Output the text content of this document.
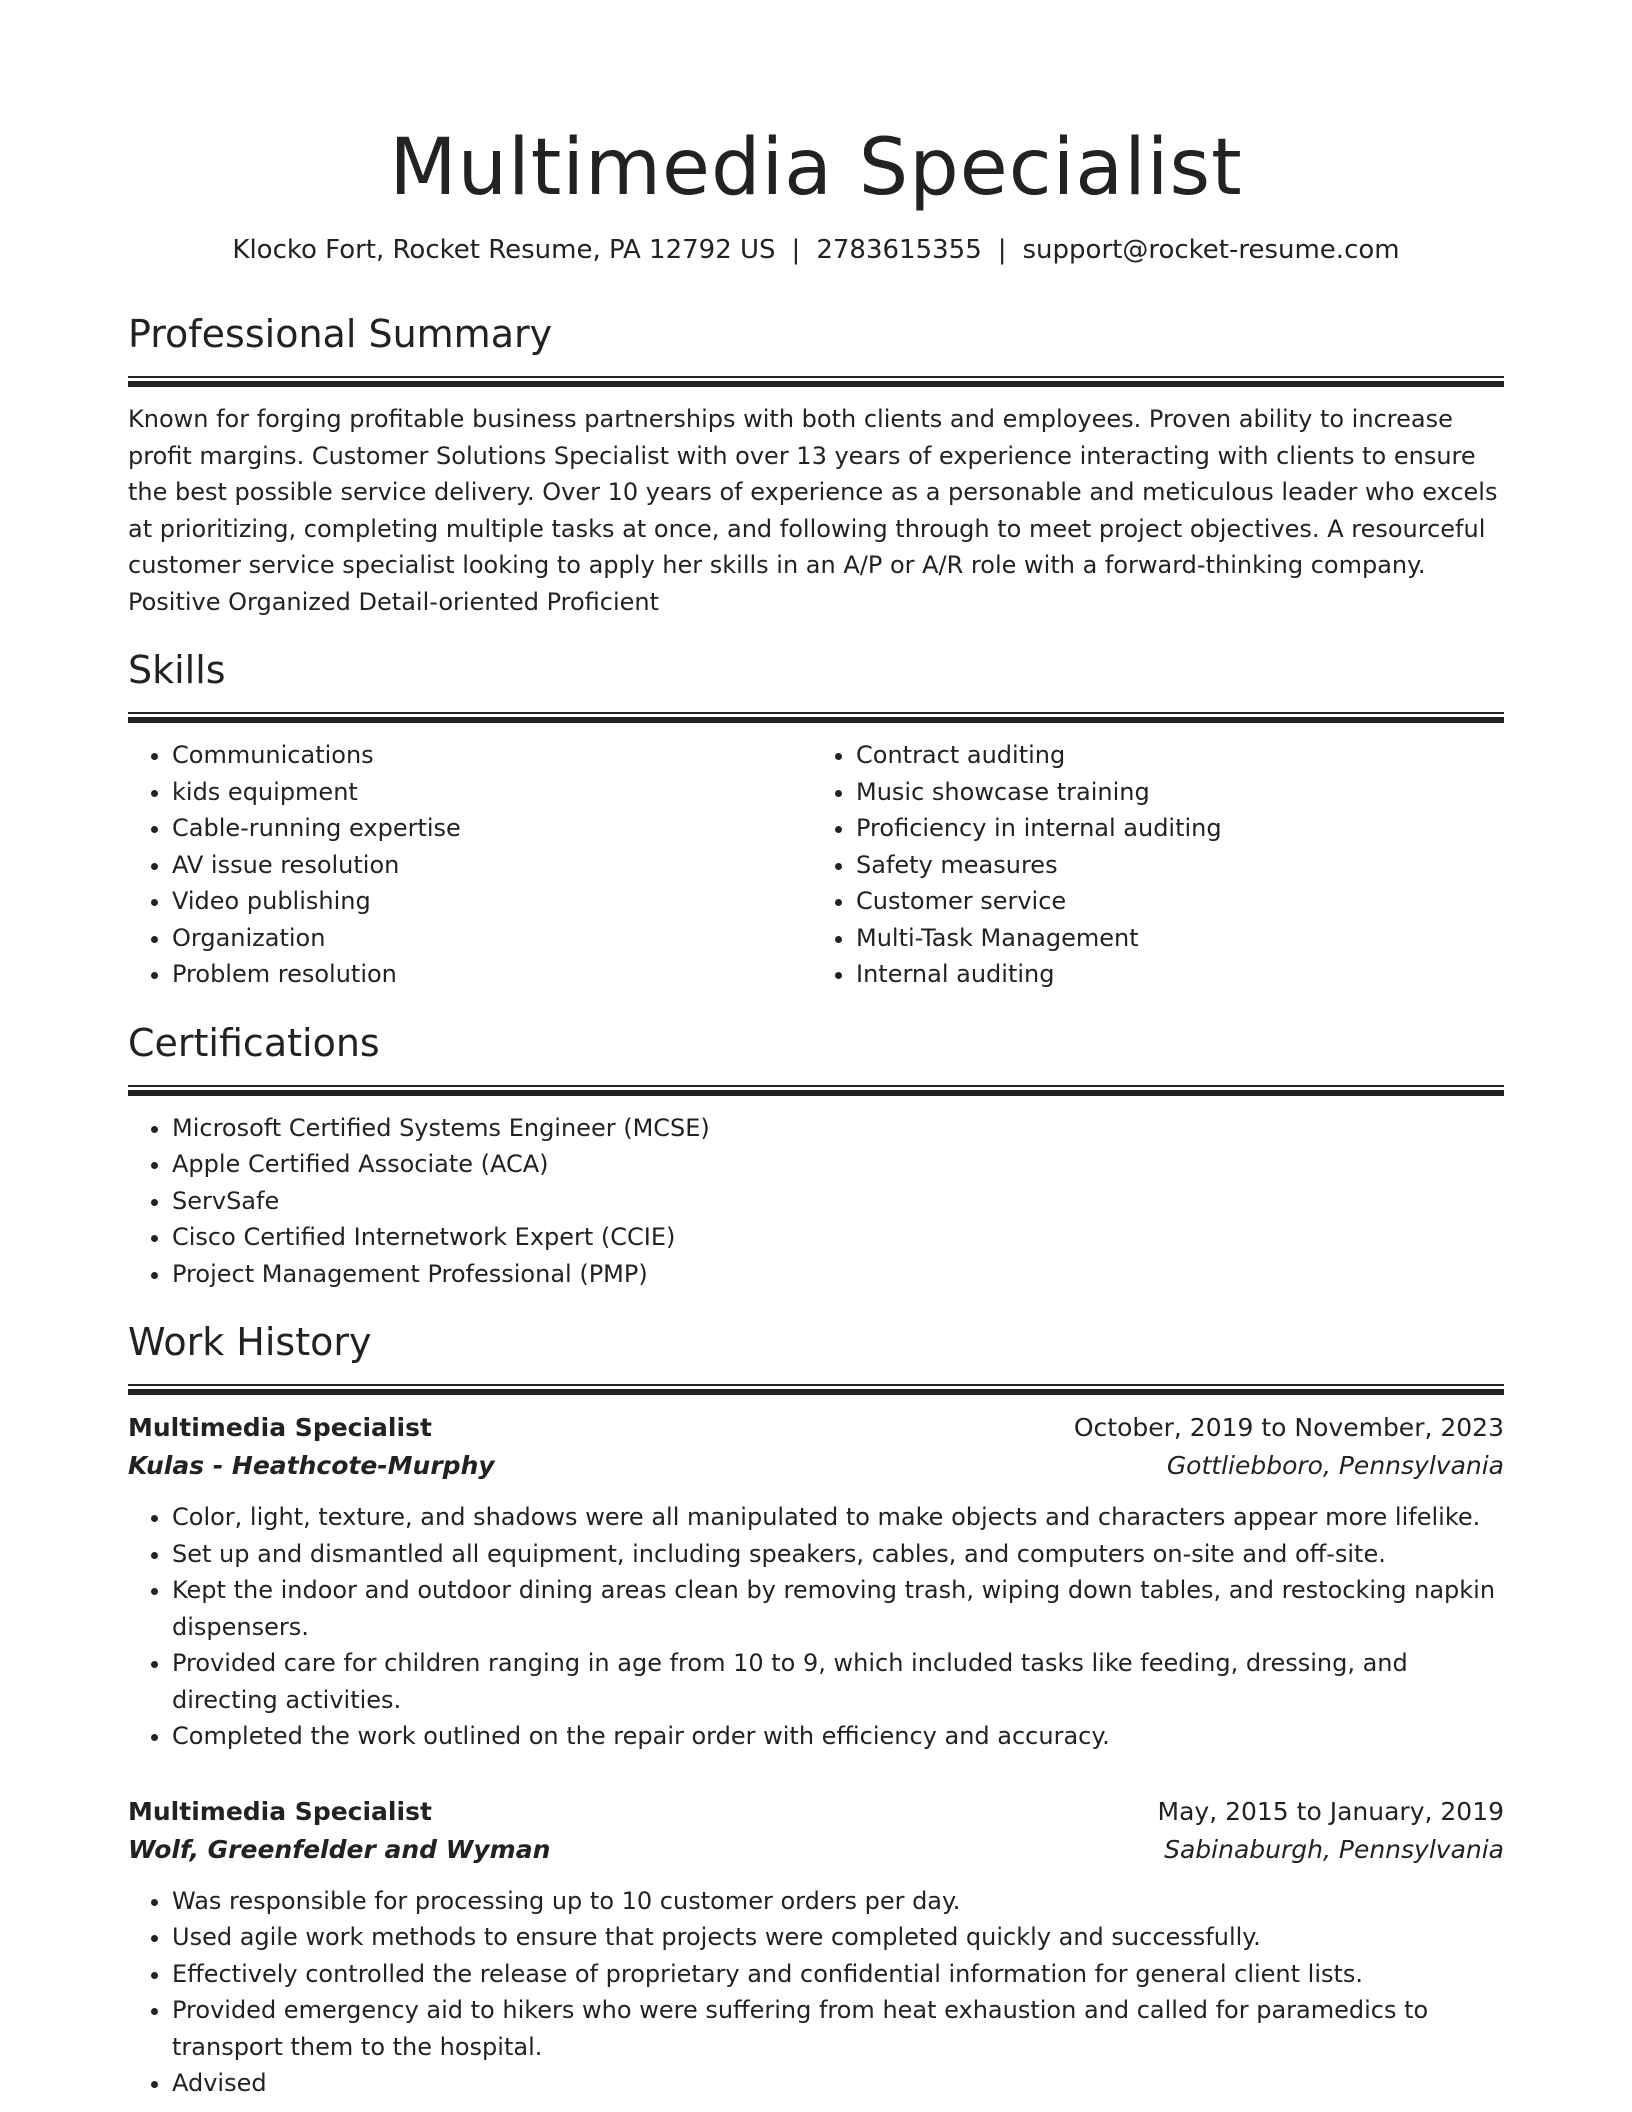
Multimedia Specialist
Klocko Fort, Rocket Resume, PA 12792 US | 2783615355 | support@rocket-resume.com
Professional Summary

Known for forging profitable business partnerships with both clients and employees. Proven ability to increase profit margins. Customer Solutions Specialist with over 13 years of experience interacting with clients to ensure the best possible service delivery. Over 10 years of experience as a personable and meticulous leader who excels at prioritizing, completing multiple tasks at once, and following through to meet project objectives. A resourceful customer service specialist looking to apply her skills in an A/P or A/R role with a forward-thinking company. Positive Organized Detail-oriented Proficient

Skills
• Communications
• kids equipment
• Cable-running expertise
• AV issue resolution
• Video publishing
• Organization
• Problem resolution
• Contract auditing
• Music showcase training
• Proficiency in internal auditing
• Safety measures
• Customer service
• Multi-Task Management
• Internal auditing
Certifications
• Microsoft Certified Systems Engineer (MCSE)
• Apple Certified Associate (ACA)
• ServSafe
• Cisco Certified Internetwork Expert (CCIE)
• Project Management Professional (PMP)
Work History
Multimedia Specialist	October, 2019 to November, 2023
Kulas - Heathcote-Murphy	Gottliebboro, Pennsylvania
• Color, light, texture, and shadows were all manipulated to make objects and characters appear more lifelike.
• Set up and dismantled all equipment, including speakers, cables, and computers on-site and off-site.
• Kept the indoor and outdoor dining areas clean by removing trash, wiping down tables, and restocking napkin dispensers.
• Provided care for children ranging in age from 10 to 9, which included tasks like feeding, dressing, and directing activities.
• Completed the work outlined on the repair order with efficiency and accuracy.
Multimedia Specialist	May, 2015 to January, 2019
Wolf, Greenfelder and Wyman	Sabinaburgh, Pennsylvania
• Was responsible for processing up to 10 customer orders per day.
• Used agile work methods to ensure that projects were completed quickly and successfully.
• Effectively controlled the release of proprietary and confidential information for general client lists.
• Provided emergency aid to hikers who were suffering from heat exhaustion and called for paramedics to transport them to the hospital.
• Advised
